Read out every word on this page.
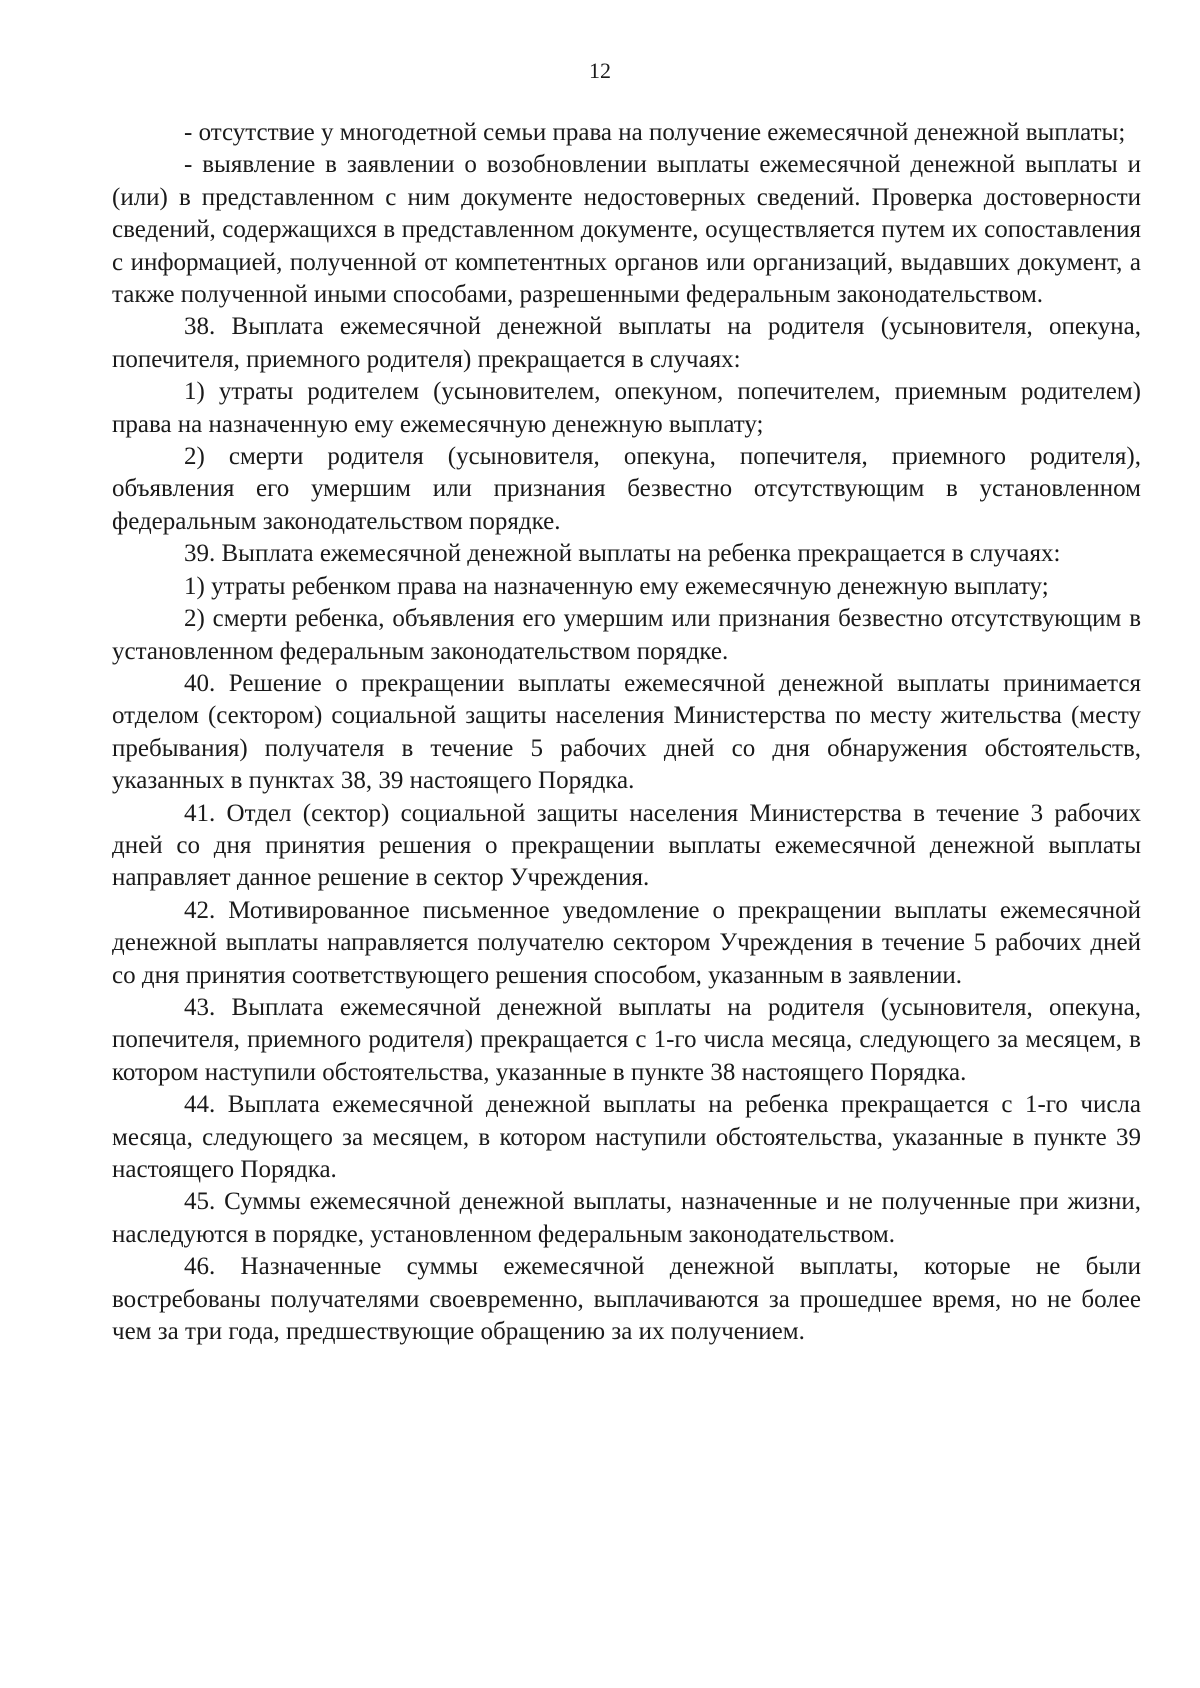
12

- отсутствие у многодетной семьи права на получение ежемесячной денежной выплаты;

- выявление в заявлении о возобновлении выплаты ежемесячной денежной выплаты и (или) в представленном с ним документе недостоверных сведений. Проверка достоверности сведений, содержащихся в представленном документе, осуществляется путем их сопоставления с информацией, полученной от компетентных органов или организаций, выдавших документ, а также полученной иными способами, разрешенными федеральным законодательством.

38. Выплата ежемесячной денежной выплаты на родителя (усыновителя, опекуна, попечителя, приемного родителя) прекращается в случаях:

1) утраты родителем (усыновителем, опекуном, попечителем, приемным родителем) права на назначенную ему ежемесячную денежную выплату;

2) смерти родителя (усыновителя, опекуна, попечителя, приемного родителя), объявления его умершим или признания безвестно отсутствующим в установленном федеральным законодательством порядке.

39. Выплата ежемесячной денежной выплаты на ребенка прекращается в случаях:

1) утраты ребенком права на назначенную ему ежемесячную денежную выплату;

2) смерти ребенка, объявления его умершим или признания безвестно отсутствующим в установленном федеральным законодательством порядке.

40. Решение о прекращении выплаты ежемесячной денежной выплаты принимается отделом (сектором) социальной защиты населения Министерства по месту жительства (месту пребывания) получателя в течение 5 рабочих дней со дня обнаружения обстоятельств, указанных в пунктах 38, 39 настоящего Порядка.

41. Отдел (сектор) социальной защиты населения Министерства в течение 3 рабочих дней со дня принятия решения о прекращении выплаты ежемесячной денежной выплаты направляет данное решение в сектор Учреждения.

42. Мотивированное письменное уведомление о прекращении выплаты ежемесячной денежной выплаты направляется получателю сектором Учреждения в течение 5 рабочих дней со дня принятия соответствующего решения способом, указанным в заявлении.

43. Выплата ежемесячной денежной выплаты на родителя (усыновителя, опекуна, попечителя, приемного родителя) прекращается с 1-го числа месяца, следующего за месяцем, в котором наступили обстоятельства, указанные в пункте 38 настоящего Порядка.

44. Выплата ежемесячной денежной выплаты на ребенка прекращается с 1-го числа месяца, следующего за месяцем, в котором наступили обстоятельства, указанные в пункте 39 настоящего Порядка.

45. Суммы ежемесячной денежной выплаты, назначенные и не полученные при жизни, наследуются в порядке, установленном федеральным законодательством.

46. Назначенные суммы ежемесячной денежной выплаты, которые не были востребованы получателями своевременно, выплачиваются за прошедшее время, но не более чем за три года, предшествующие обращению за их получением.
